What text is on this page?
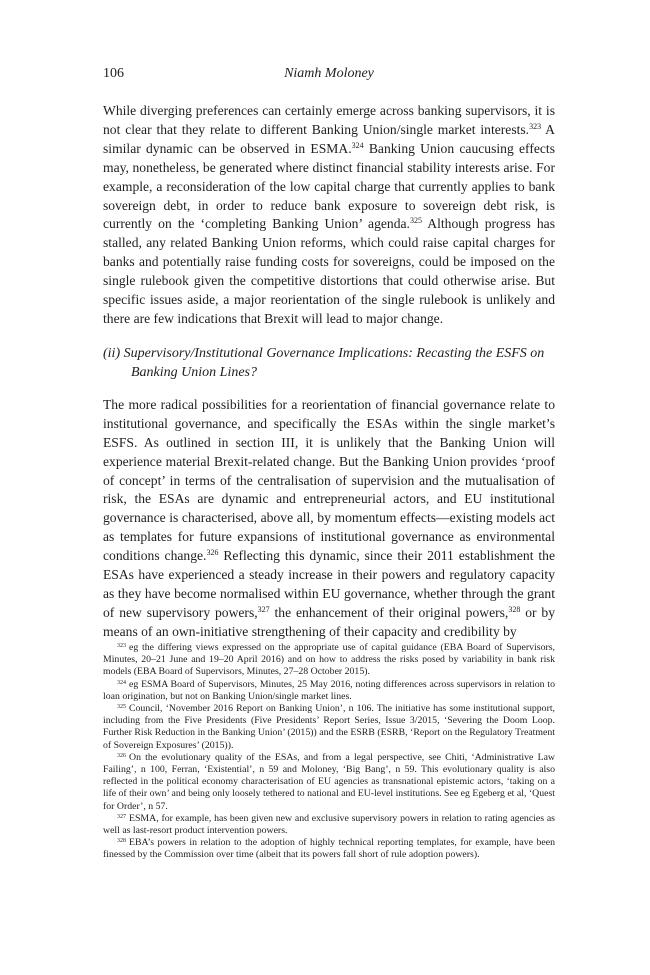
106	Niamh Moloney

While diverging preferences can certainly emerge across banking supervisors, it is not clear that they relate to different Banking Union/single market interests.$^{323}$ A similar dynamic can be observed in ESMA.$^{324}$ Banking Union caucusing effects may, nonetheless, be generated where distinct financial stability interests arise. For example, a reconsideration of the low capital charge that currently applies to bank sovereign debt, in order to reduce bank exposure to sovereign debt risk, is currently on the ‘completing Banking Union’ agenda.$^{325}$ Although progress has stalled, any related Banking Union reforms, which could raise capital charges for banks and potentially raise funding costs for sovereigns, could be imposed on the single rulebook given the competitive distortions that could otherwise arise. But specific issues aside, a major reorientation of the single rulebook is unlikely and there are few indications that Brexit will lead to major change.

(ii) Supervisory/Institutional Governance Implications: Recasting the ESFS on Banking Union Lines?

The more radical possibilities for a reorientation of financial governance relate to institutional governance, and specifically the ESAs within the single market’s ESFS. As outlined in section III, it is unlikely that the Banking Union will experience material Brexit-related change. But the Banking Union provides ‘proof of concept’ in terms of the centralisation of supervision and the mutualisation of risk, the ESAs are dynamic and entrepreneurial actors, and EU institutional governance is characterised, above all, by momentum effects—existing models act as templates for future expansions of institutional governance as environmental conditions change.$^{326}$ Reflecting this dynamic, since their 2011 establishment the ESAs have experienced a steady increase in their powers and regulatory capacity as they have become normalised within EU governance, whether through the grant of new supervisory powers,$^{327}$ the enhancement of their original powers,$^{328}$ or by means of an own-initiative strengthening of their capacity and credibility by

$^{323}$ eg the differing views expressed on the appropriate use of capital guidance (EBA Board of Supervisors, Minutes, 20–21 June and 19–20 April 2016) and on how to address the risks posed by variability in bank risk models (EBA Board of Supervisors, Minutes, 27–28 October 2015).

$^{324}$ eg ESMA Board of Supervisors, Minutes, 25 May 2016, noting differences across supervisors in relation to loan origination, but not on Banking Union/single market lines.

$^{325}$ Council, ‘November 2016 Report on Banking Union’, n 106. The initiative has some institutional support, including from the Five Presidents (Five Presidents’ Report Series, Issue 3/2015, ‘Severing the Doom Loop. Further Risk Reduction in the Banking Union’ (2015)) and the ESRB (ESRB, ‘Report on the Regulatory Treatment of Sovereign Exposures’ (2015)).

$^{326}$ On the evolutionary quality of the ESAs, and from a legal perspective, see Chiti, ‘Administrative Law Failing’, n 100, Ferran, ‘Existential’, n 59 and Moloney, ‘Big Bang’, n 59. This evolutionary quality is also reflected in the political economy characterisation of EU agencies as transnational epistemic actors, ‘taking on a life of their own’ and being only loosely tethered to national and EU-level institutions. See eg Egeberg et al, ‘Quest for Order’, n 57.

$^{327}$ ESMA, for example, has been given new and exclusive supervisory powers in relation to rating agencies as well as last-resort product intervention powers.

$^{328}$ EBA’s powers in relation to the adoption of highly technical reporting templates, for example, have been finessed by the Commission over time (albeit that its powers fall short of rule adoption powers).
